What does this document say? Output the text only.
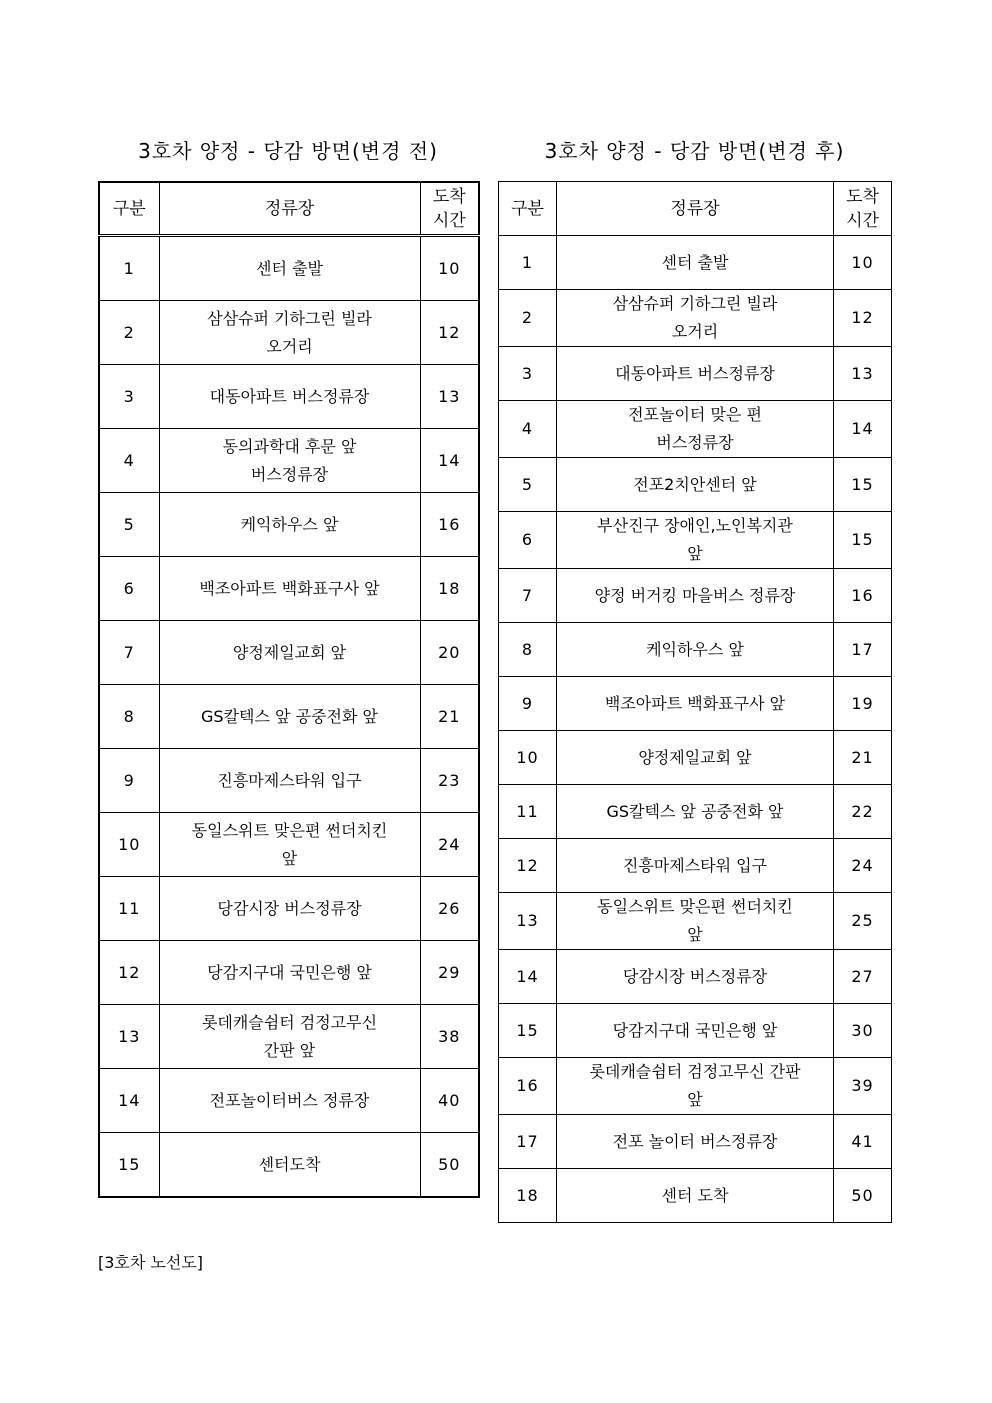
3호차 양정 - 당감 방면(변경 전)	3호차 양정 - 당감 방면(변경 후)
구분	정류장	도착
시간
1	센터 출발	10
2	삼삼슈퍼 기하그린 빌라
오거리	12
3	대동아파트 버스정류장	13
4	동의과학대 후문 앞
버스정류장	14
5	케익하우스 앞	16
6	백조아파트 백화표구사 앞	18
7	양정제일교회 앞	20
8	GS칼텍스 앞 공중전화 앞	21
9	진흥마제스타워 입구	23
10	동일스위트 맞은편 썬더치킨
앞	24
11	당감시장 버스정류장	26
12	당감지구대 국민은행 앞	29
13	롯데캐슬쉼터 검정고무신
간판 앞	38
14	전포놀이터버스 정류장	40
15	센터도착	50
구분	정류장	도착
시간
1	센터 출발	10
2	삼삼슈퍼 기하그린 빌라
오거리	12
3	대동아파트 버스정류장	13
4	전포놀이터 맞은 편
버스정류장	14
5	전포2치안센터 앞	15
6	부산진구 장애인,노인복지관
앞	15
7	양정 버거킹 마을버스 정류장	16
8	케익하우스 앞	17
9	백조아파트 백화표구사 앞	19
10	양정제일교회 앞	21
11	GS칼텍스 앞 공중전화 앞	22
12	진흥마제스타워 입구	24
13	동일스위트 맞은편 썬더치킨
앞	25
14	당감시장 버스정류장	27
15	당감지구대 국민은행 앞	30
16	롯데캐슬쉼터 검정고무신 간판
앞	39
17	전포 놀이터 버스정류장	41
18	센터 도착	50
[3호차 노선도]
